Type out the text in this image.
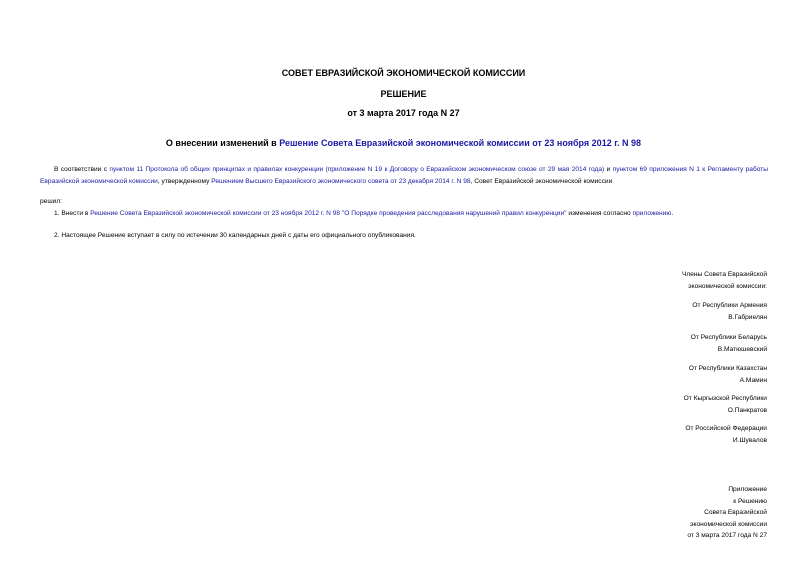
СОВЕТ ЕВРАЗИЙСКОЙ ЭКОНОМИЧЕСКОЙ КОМИССИИ
РЕШЕНИЕ
от 3 марта 2017 года N 27
О внесении изменений в Решение Совета Евразийской экономической комиссии от 23 ноября 2012 г. N 98
В соответствии с пунктом 11 Протокола об общих принципах и правилах конкуренции (приложение N 19 к Договору о Евразийском экономическом союзе от 29 мая 2014 года) и пунктом 69 приложения N 1 к Регламенту работы Евразийской экономической комиссии, утвержденному Решением Высшего Евразийского экономического совета от 23 декабря 2014 г. N 98, Совет Евразийской экономической комиссии
решил:
1. Внести в Решение Совета Евразийской экономической комиссии от 23 ноября 2012 г. N 98 "О Порядке проведения расследования нарушений правил конкуренции" изменения согласно приложению.
2. Настоящее Решение вступает в силу по истечении 30 календарных дней с даты его официального опубликования.
Члены Совета Евразийской
экономической комиссии:
От Республики Армения
В.Габриелян
От Республики Беларусь
В.Матюшевский
От Республики Казахстан
А.Мамин
От Кыргызской Республики
О.Панкратов
От Российской Федерации
И.Шувалов
Приложение
к Решению
Совета Евразийской
экономической комиссии
от 3 марта 2017 года N 27
